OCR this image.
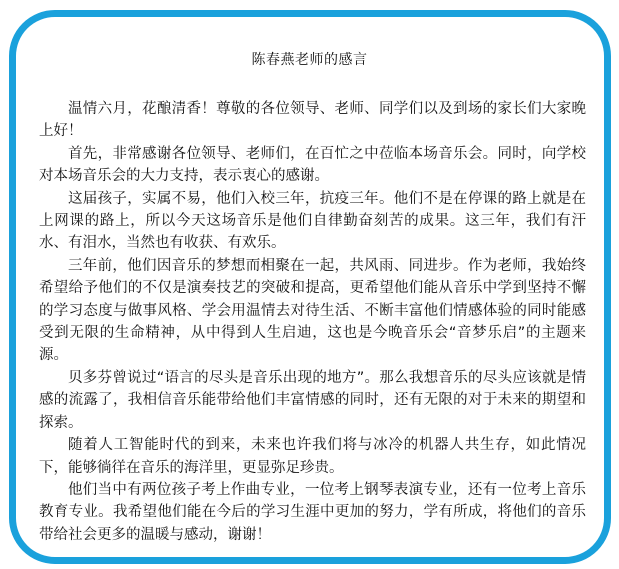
陈春燕老师的感言

温情六月，花酿清香！尊敬的各位领导、老师、同学们以及到场的家长们大家晚上好！

首先，非常感谢各位领导、老师们，在百忙之中莅临本场音乐会。同时，向学校对本场音乐会的大力支持，表示衷心的感谢。

这届孩子，实属不易，他们入校三年，抗疫三年。他们不是在停课的路上就是在上网课的路上，所以今天这场音乐是他们自律勤奋刻苦的成果。这三年，我们有汗水、有泪水，当然也有收获、有欢乐。

三年前，他们因音乐的梦想而相聚在一起，共风雨、同进步。作为老师，我始终希望给予他们的不仅是演奏技艺的突破和提高，更希望他们能从音乐中学到坚持不懈的学习态度与做事风格、学会用温情去对待生活、不断丰富他们情感体验的同时能感受到无限的生命精神，从中得到人生启迪，这也是今晚音乐会“音梦乐启”的主题来源。

贝多芬曾说过“语言的尽头是音乐出现的地方”。那么我想音乐的尽头应该就是情感的流露了，我相信音乐能带给他们丰富情感的同时，还有无限的对于未来的期望和探索。

随着人工智能时代的到来，未来也许我们将与冰冷的机器人共生存，如此情况下，能够徜徉在音乐的海洋里，更显弥足珍贵。

他们当中有两位孩子考上作曲专业，一位考上钢琴表演专业，还有一位考上音乐教育专业。我希望他们能在今后的学习生涯中更加的努力，学有所成，将他们的音乐带给社会更多的温暖与感动，谢谢！
